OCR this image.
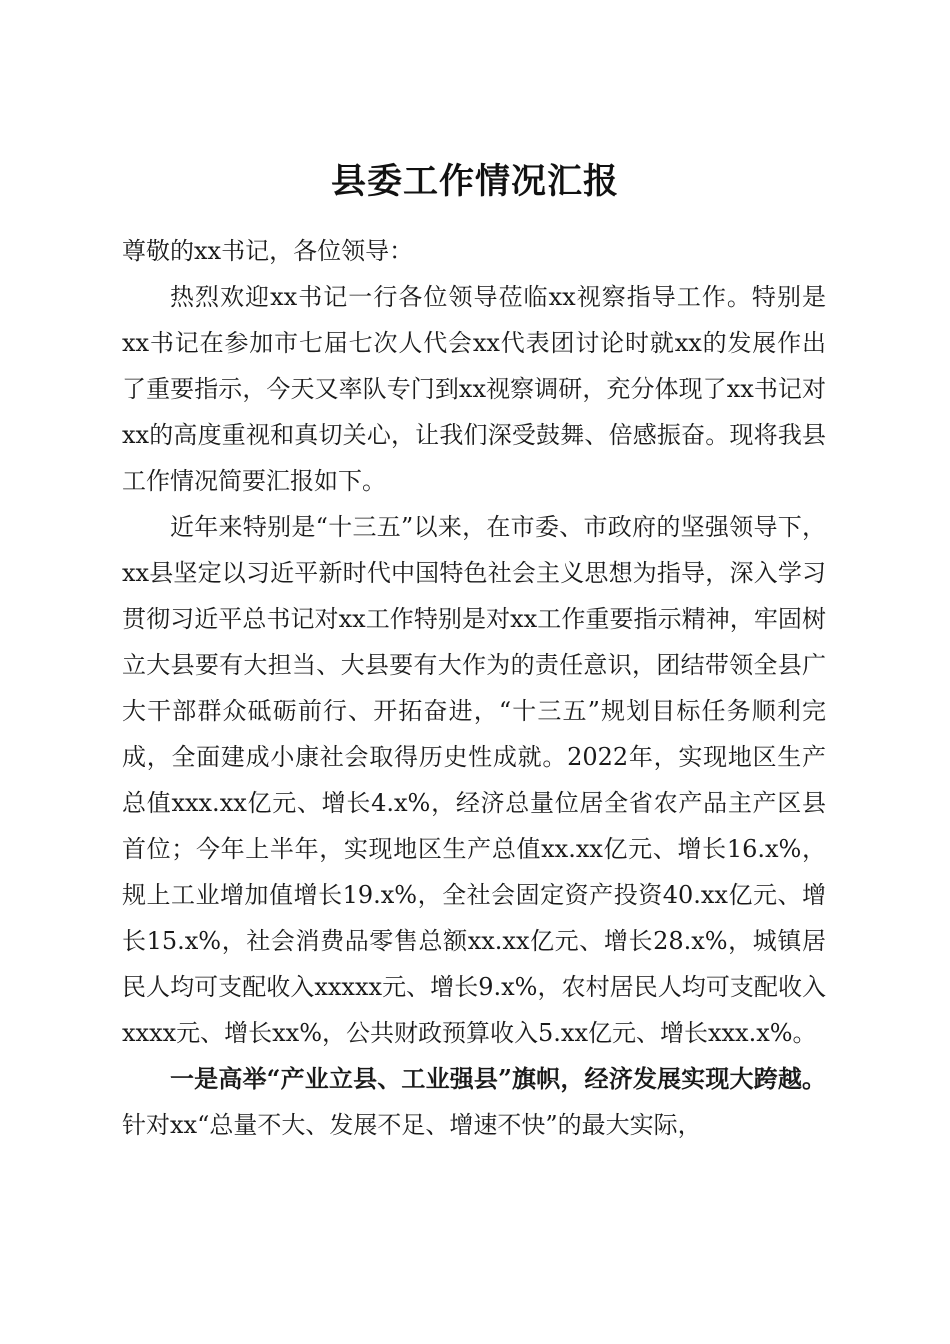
县委工作情况汇报

尊敬的xx书记，各位领导：

热烈欢迎xx书记一行各位领导莅临xx视察指导工作。特别是xx书记在参加市七届七次人代会xx代表团讨论时就xx的发展作出了重要指示，今天又率队专门到xx视察调研，充分体现了xx书记对xx的高度重视和真切关心，让我们深受鼓舞、倍感振奋。现将我县工作情况简要汇报如下。

近年来特别是“十三五”以来，在市委、市政府的坚强领导下，xx县坚定以习近平新时代中国特色社会主义思想为指导，深入学习贯彻习近平总书记对xx工作特别是对xx工作重要指示精神，牢固树立大县要有大担当、大县要有大作为的责任意识，团结带领全县广大干部群众砥砺前行、开拓奋进，“十三五”规划目标任务顺利完成，全面建成小康社会取得历史性成就。2022年，实现地区生产总值xxx.xx亿元、增长4.x%，经济总量位居全省农产品主产区县首位；今年上半年，实现地区生产总值xx.xx亿元、增长16.x%，规上工业增加值增长19.x%，全社会固定资产投资40.xx亿元、增长15.x%，社会消费品零售总额xx.xx亿元、增长28.x%，城镇居民人均可支配收入xxxxx元、增长9.x%，农村居民人均可支配收入xxxx元、增长xx%，公共财政预算收入5.xx亿元、增长xxx.x%。

一是高举“产业立县、工业强县”旗帜，经济发展实现大跨越。针对xx“总量不大、发展不足、增速不快”的最大实际，
